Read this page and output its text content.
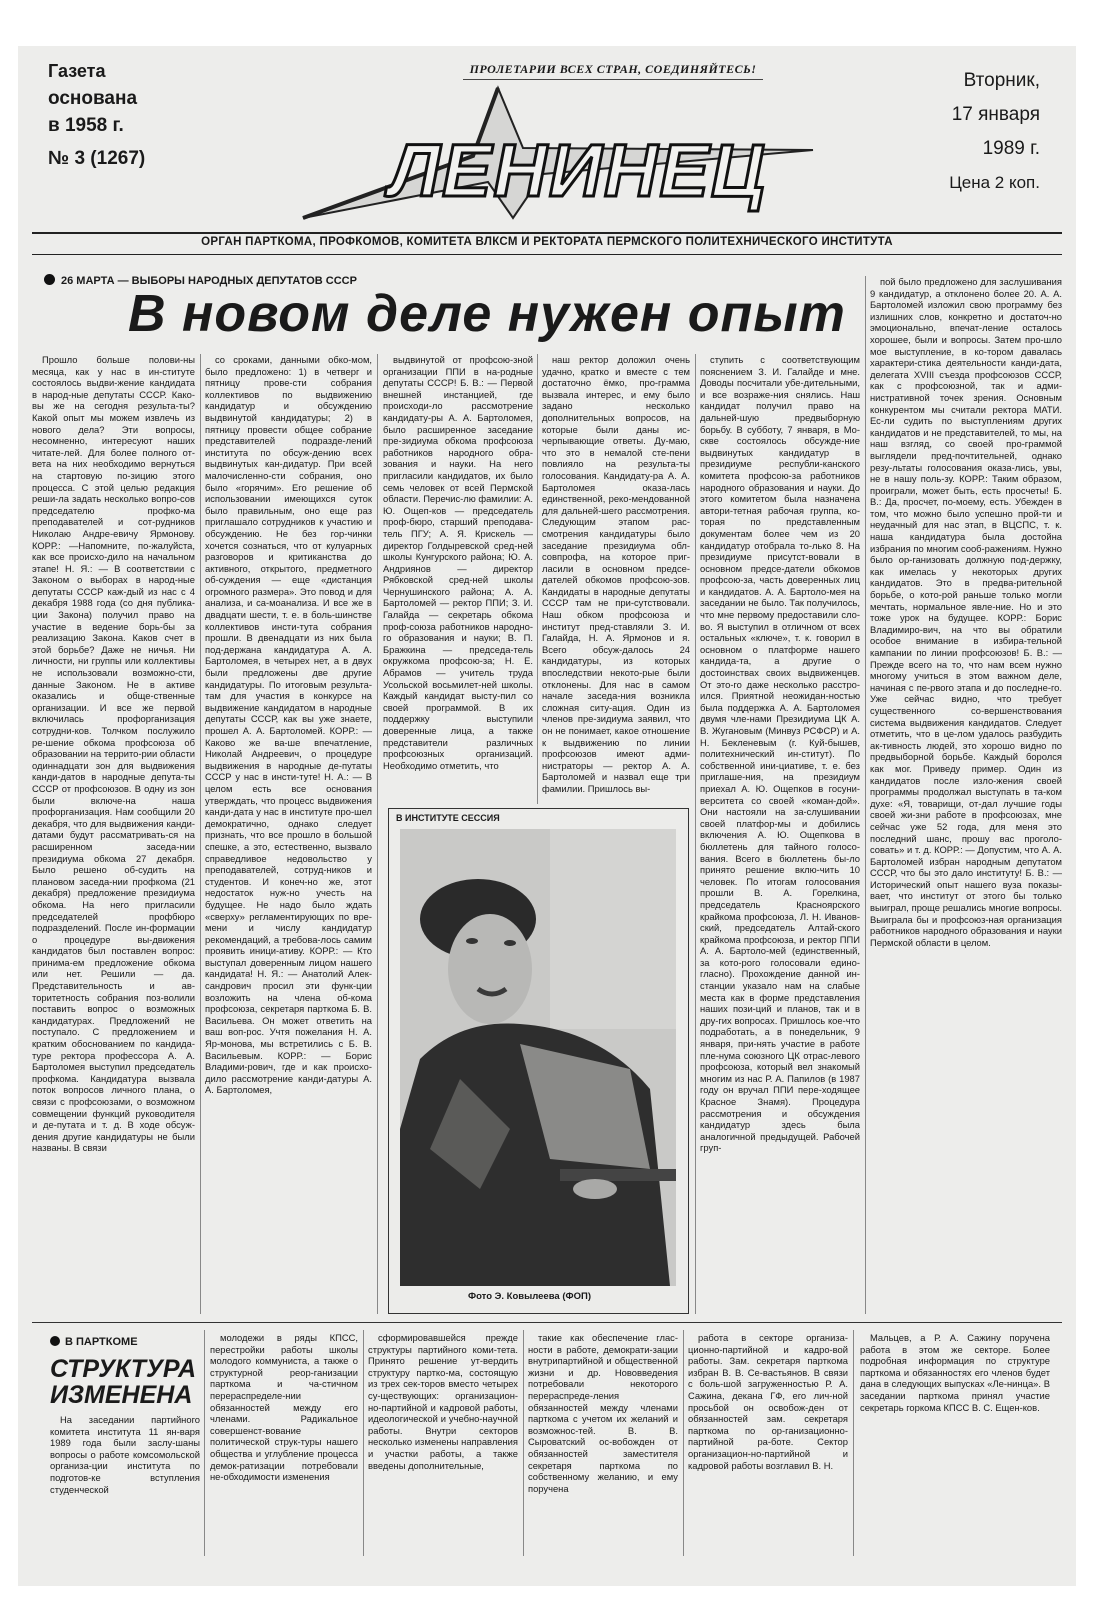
Газета
основана
в 1958 г.
№ 3 (1267)
ПРОЛЕТАРИИ ВСЕХ СТРАН, СОЕДИНЯЙТЕСЬ!
ЛЕНИНЕЦ
Вторник,
17 января
1989 г.
Цена 2 коп.
ОРГАН ПАРТКОМА, ПРОФКОМОВ, КОМИТЕТА ВЛКСМ И РЕКТОРАТА ПЕРМСКОГО ПОЛИТЕХНИЧЕСКОГО ИНСТИТУТА
26 МАРТА — ВЫБОРЫ НАРОДНЫХ ДЕПУТАТОВ СССР
В новом деле нужен опыт

Прошло больше полови-ны месяца, как у нас в ин-ституте состоялось выдви-жение кандидата в народ-ные депутаты СССР. Како-вы же на сегодня результа-ты? Какой опыт мы можем извлечь из нового дела? Эти вопросы, несомненно, интересуют наших читате-лей. Для более полного от-вета на них необходимо вернуться на стартовую по-зицию этого процесса. С этой целью редакция реши-ла задать несколько вопро-сов председателю профко-ма преподавателей и сот-рудников Николаю Андре-евичу Ярмонову. КОРР.: —Напомните, по-жалуйста, как все происхо-дило на начальном этапе! Н. Я.: — В соответствии с Законом о выборах в народ-ные депутаты СССР каж-дый из нас с 4 декабря 1988 года (со дня публика-ции Закона) получил право на участие в ведение борь-бы за реализацию Закона. Каков счет в этой борьбе? Даже не ничья. Ни личности, ни группы или коллективы не использовали возможно-сти, данные Законом. Не в активе оказались и обще-ственные организации. И все же первой включилась профорганизация сотрудни-ков. Толчком послужило ре-шение обкома профсоюза об образовании на террито-рии области одиннадцати зон для выдвижения канди-датов в народные депута-ты СССР от профсоюзов. В одну из зон были включе-на наша профорганизация. Нам сообщили 20 декабря, что для выдвижения канди-датами будут рассматривать-ся на расширенном заседа-нии президиума обкома 27 декабря. Было решено об-судить на плановом заседа-нии профкома (21 декабря) предложение президиума обкома. На него пригласили председателей профбюро подразделений. После ин-формации о процедуре вы-движения кандидатов был поставлен вопрос: принима-ем предложение обкома или нет. Решили — да. Представительность и ав-торитетность собрания поз-волили поставить вопрос о возможных кандидатурах. Предложений не поступало. С предложением и кратким обоснованием по кандида-туре ректора профессора А. А. Бартоломея выступил председатель профкома. Кандидатура вызвала поток вопросов личного плана, о связи с профсоюзами, о возможном совмещении функций руководителя и де-путата и т. д. В ходе обсуж-дения другие кандидатуры не были названы. В связи

со сроками, данными обко-мом, было предложено: 1) в четверг и пятницу прове-сти собрания коллективов по выдвижению кандидатур и обсуждению выдвинутой кандидатуры; 2) в пятницу провести общее собрание представителей подразде-лений института по обсуж-дению всех выдвинутых кан-дидатур. При всей малочисленно-сти собрания, оно было «горячим». Его решение об использовании имеющихся суток было правильным, оно еще раз приглашало сотрудников к участию и обсуждению. Не без гор-чинки хочется сознаться, что от кулуарных разговоров и критиканства до активного, открытого, предметного об-суждения — еще «дистанция огромного размера». Это повод и для анализа, и са-моанализа. И все же в двадцати шести, т. е. в боль-шинстве коллективов инсти-тута собрания прошли. В двенадцати из них была под-держана кандидатура А. А. Бартоломея, в четырех нет, а в двух были предложены две другие кандидатуры. По итоговым результа-там для участия в конкурсе на выдвижение кандидатом в народные депутаты СССР, как вы уже знаете, прошел А. А. Бартоломей. КОРР.: — Каково же ва-ше впечатление, Николай Андреевич, о процедуре выдвижения в народные де-путаты СССР у нас в инсти-туте! Н. А.: — В целом есть все основания утверждать, что процесс выдвижения канди-дата у нас в институте про-шел демократично, однако следует признать, что все прошло в большой спешке, а это, естественно, вызвало справедливое недовольство у преподавателей, сотруд-ников и студентов. И конеч-но же, этот недостаток нуж-но учесть на будущее. Не надо было ждать «сверху» регламентирующих по вре-мени и числу кандидатур рекомендаций, а требова-лось самим проявить иници-ативу. КОРР.: — Кто выступал доверенным лицом нашего кандидата! Н. Я.: — Анатолий Алек-сандрович просил эти функ-ции возложить на члена об-кома профсоюза, секретаря парткома Б. В. Васильева. Он может ответить на ваш воп-рос. Учтя пожелания Н. А. Яр-монова, мы встретились с Б. В. Васильевым. КОРР.: — Борис Владими-рович, где и как происхо-дило рассмотрение канди-датуры А. А. Бартоломея,

выдвинутой от профсою-зной организации ППИ в на-родные депутаты СССР! Б. В.: — Первой внешней инстанцией, где происходи-ло рассмотрение кандидату-ры А. А. Бартоломея, было расширенное заседание пре-зидиума обкома профсоюза работников народного обра-зования и науки. На него пригласили кандидатов, их было семь человек от всей Пермской области. Перечис-лю фамилии: А. Ю. Ощеп-ков — председатель проф-бюро, старший преподава-тель ПГУ; А. Я. Крискель — директор Голдыревской сред-ней школы Кунгурского района; Ю. А. Андриянов — директор Рябковской сред-ней школы Чернушинского района; А. А. Бартоломей — ректор ППИ; З. И. Галайда — секретарь обкома проф-союза работников народно-го образования и науки; В. П. Бражкина — председа-тель окружкома профсою-за; Н. Е. Абрамов — учитель труда Усольской восьмилет-ней школы. Каждый кандидат высту-пил со своей программой. В их поддержку выступили доверенные лица, а также представители различных профсоюзных организаций. Необходимо отметить, что

наш ректор доложил очень удачно, кратко и вместе с тем достаточно ёмко, про-грамма вызвала интерес, и ему было задано несколько дополнительных вопросов, на которые были даны ис-черпывающие ответы. Ду-маю, что это в немалой сте-пени повлияло на результа-ты голосования. Кандидату-ра А. А. Бартоломея оказа-лась единственной, реко-мендованной для дальней-шего рассмотрения. Следующим этапом рас-смотрения кандидатуры было заседание президиума обл-совпрофа, на которое приг-ласили в основном предсе-дателей обкомов профсою-зов. Кандидаты в народные депутаты СССР там не при-сутствовали. Наш обком профсоюза и институт пред-ставляли З. И. Галайда, Н. А. Ярмонов и я. Всего обсуж-далось 24 кандидатуры, из которых впоследствии некото-рые были отклонены. Для нас в самом начале заседа-ния возникла сложная ситу-ация. Один из членов пре-зидиума заявил, что он не понимает, какое отношение к выдвижению по линии профсоюзов имеют адми-нистраторы — ректор А. А. Бартоломей и назвал еще три фамилии. Пришлось вы-

ступить с соответствующим пояснением З. И. Галайде и мне. Доводы посчитали убе-дительными, и все возраже-ния снялись. Наш кандидат получил право на дальней-шую предвыборную борьбу. В субботу, 7 января, в Мо-скве состоялось обсужде-ние выдвинутых кандидатур в президиуме республи-канского комитета профсою-за работников народного образования и науки. До этого комитетом была назначена автори-тетная рабочая группа, ко-торая по представленным документам более чем из 20 кандидатур отобрала то-лько 8. На президиуме присутст-вовали в основном предсе-датели обкомов профсою-за, часть доверенных лиц и кандидатов. А. А. Бартоло-мея на заседании не было. Так получилось, что мне первому предоставили сло-во. Я выступил в отличном от всех остальных «ключе», т. к. говорил в основном о платформе нашего кандида-та, а другие о достоинствах своих выдвиженцев. От это-го даже несколько расстро-ился. Приятной неожидан-ностью была поддержка А. А. Бартоломея двумя чле-нами Президиума ЦК А. В. Жугановым (Минвуз РСФСР) и А. Н. Бекленевым (г. Куй-бышев, политехнический ин-ститут). По собственной ини-циативе, т. е. без приглаше-ния, на президиум приехал А. Ю. Ощепков в госуни-верситета со своей «коман-дой». Они настояли на за-слушивании своей платфор-мы и добились включения А. Ю. Ощепкова в бюллетень для тайного голосо-вания. Всего в бюллетень бы-ло принято решение вклю-чить 10 человек. По итогам голосования прошли В. А. Горелкина, председатель Красноярского крайкома профсоюза, Л. Н. Иванов-ский, председатель Алтай-ского крайкома профсоюза, и ректор ППИ А. А. Бартоло-мей (единственный, за кото-рого голосовали едино-гласно). Прохождение данной ин-станции указало нам на слабые места как в форме представления наших пози-ций и планов, так и в дру-гих вопросах. Пришлось кое-что подработать, а в понедельник, 9 января, при-нять участие в работе пле-нума союзного ЦК отрас-левого профсоюза, который вел знакомый многим из нас Р. А. Папилов (в 1987 году он вручал ППИ пере-ходящее Красное Знамя). Процедура рассмотрения и обсуждения кандидатур здесь была аналогичной предыдущей. Рабочей груп-

пой было предложено для заслушивания 9 кандидатур, а отклонено более 20. А. А. Бартоломей изложил свою программу без излишних слов, конкретно и достаточ-но эмоционально, впечат-ление осталось хорошее, были и вопросы. Затем про-шло мое выступление, в ко-тором давалась характери-стика деятельности канди-дата, делегата XVIII съезда профсоюзов СССР, как с профсоюзной, так и адми-нистративной точек зрения. Основным конкурентом мы считали ректора МАТИ. Ес-ли судить по выступлениям других кандидатов и не представителей, то мы, на наш взгляд, со своей про-граммой выглядели пред-почтительней, однако резу-льтаты голосования оказа-лись, увы, не в нашу поль-зу. КОРР.: Таким образом, проиграли, может быть, есть просчеты! Б. В.: Да, просчет, по-моему, есть. Убежден в том, что можно было успешно прой-ти и неудачный для нас этап, в ВЦСПС, т. к. наша кандидатура была достойна избрания по многим сооб-ражениям. Нужно было ор-ганизовать должную под-держку, как имелась у некоторых других кандидатов. Это в предва-рительной борьбе, о кото-рой раньше только могли мечтать, нормальное явле-ние. Но и это тоже урок на будущее. КОРР.: Борис Владимиро-вич, на что вы обратили особое внимание в избира-тельной кампании по линии профсоюзов! Б. В.: — Прежде всего на то, что нам всем нужно многому учиться в этом важном деле, начиная с пе-рвого этапа и до последне-го. Уже сейчас видно, что требует существенного со-вершенствования система выдвижения кандидатов. Следует отметить, что в це-лом удалось разбудить ак-тивность людей, это хорошо видно по предвыборной борьбе. Каждый боролся как мог. Приведу пример. Один из кандидатов после изло-жения своей программы продолжал выступать в та-ком духе: «Я, товарищи, от-дал лучшие годы своей жи-зни работе в профсоюзах, мне сейчас уже 52 года, для меня это последний шанс, прошу вас проголо-совать» и т. д. КОРР.: — Допустим, что А. А. Бартоломей избран народным депутатом СССР, что бы это дало институту! Б. В.: — Исторический опыт нашего вуза показы-вает, что институт от этого бы только выиграл, проще решались многие вопросы. Выиграла бы и профсоюз-ная организация работников народного образования и науки Пермской области в целом.

В ИНСТИТУТЕ СЕССИЯ
Фото Э. Ковылеева (ФОП)
В ПАРТКОМЕ
СТРУКТУРА
ИЗМЕНЕНА

На заседании партийного комитета института 11 ян-варя 1989 года были заслу-шаны вопросы о работе комсомольской организа-ции института по подготов-ке вступления студенческой

молодежи в ряды КПСС, перестройки работы школы молодого коммуниста, а также о структурной реор-ганизации парткома и ча-стичном перераспределе-нии обязанностей между его членами. Радикальное совершенст-вование политической струк-туры нашего общества и углубление процесса демок-ратизации потребовали не-обходимости изменения

сформировавшейся прежде структуры партийного коми-тета. Принято решение ут-вердить структуру партко-ма, состоящую из трех сек-торов вместо четырех су-ществующих: организацион-но-партийной и кадровой работы, идеологической и учебно-научной работы. Внутри секторов несколько изменены направления и участки работы, а также введены дополнительные,

такие как обеспечение глас-ности в работе, демократи-зации внутрипартийной и общественной жизни и др. Нововведения потребовали некоторого перераспреде-ления обязанностей между членами парткома с учетом их желаний и возможнос-тей. В. В. Сыроватский ос-вобожден от обязанностей заместителя секретаря парткома по собственному желанию, и ему поручена

работа в секторе организа-ционно-партийной и кадро-вой работы. Зам. секретаря парткома избран В. В. Се-вастьянов. В связи с боль-шой загруженностью Р. А. Сажина, декана ГФ, его лич-ной просьбой он освобож-ден от обязанностей зам. секретаря парткома по ор-ганизационно-партийной ра-боте. Сектор организацион-но-партийной и кадровой работы возглавил В. Н.

Мальцев, а Р. А. Сажину поручена работа в этом же секторе. Более подробная информация по структуре парткома и обязанностях его членов будет дана в следующих выпусках «Ле-нинца». В заседании парткома принял участие секретарь горкома КПСС В. С. Ещен-ков.
